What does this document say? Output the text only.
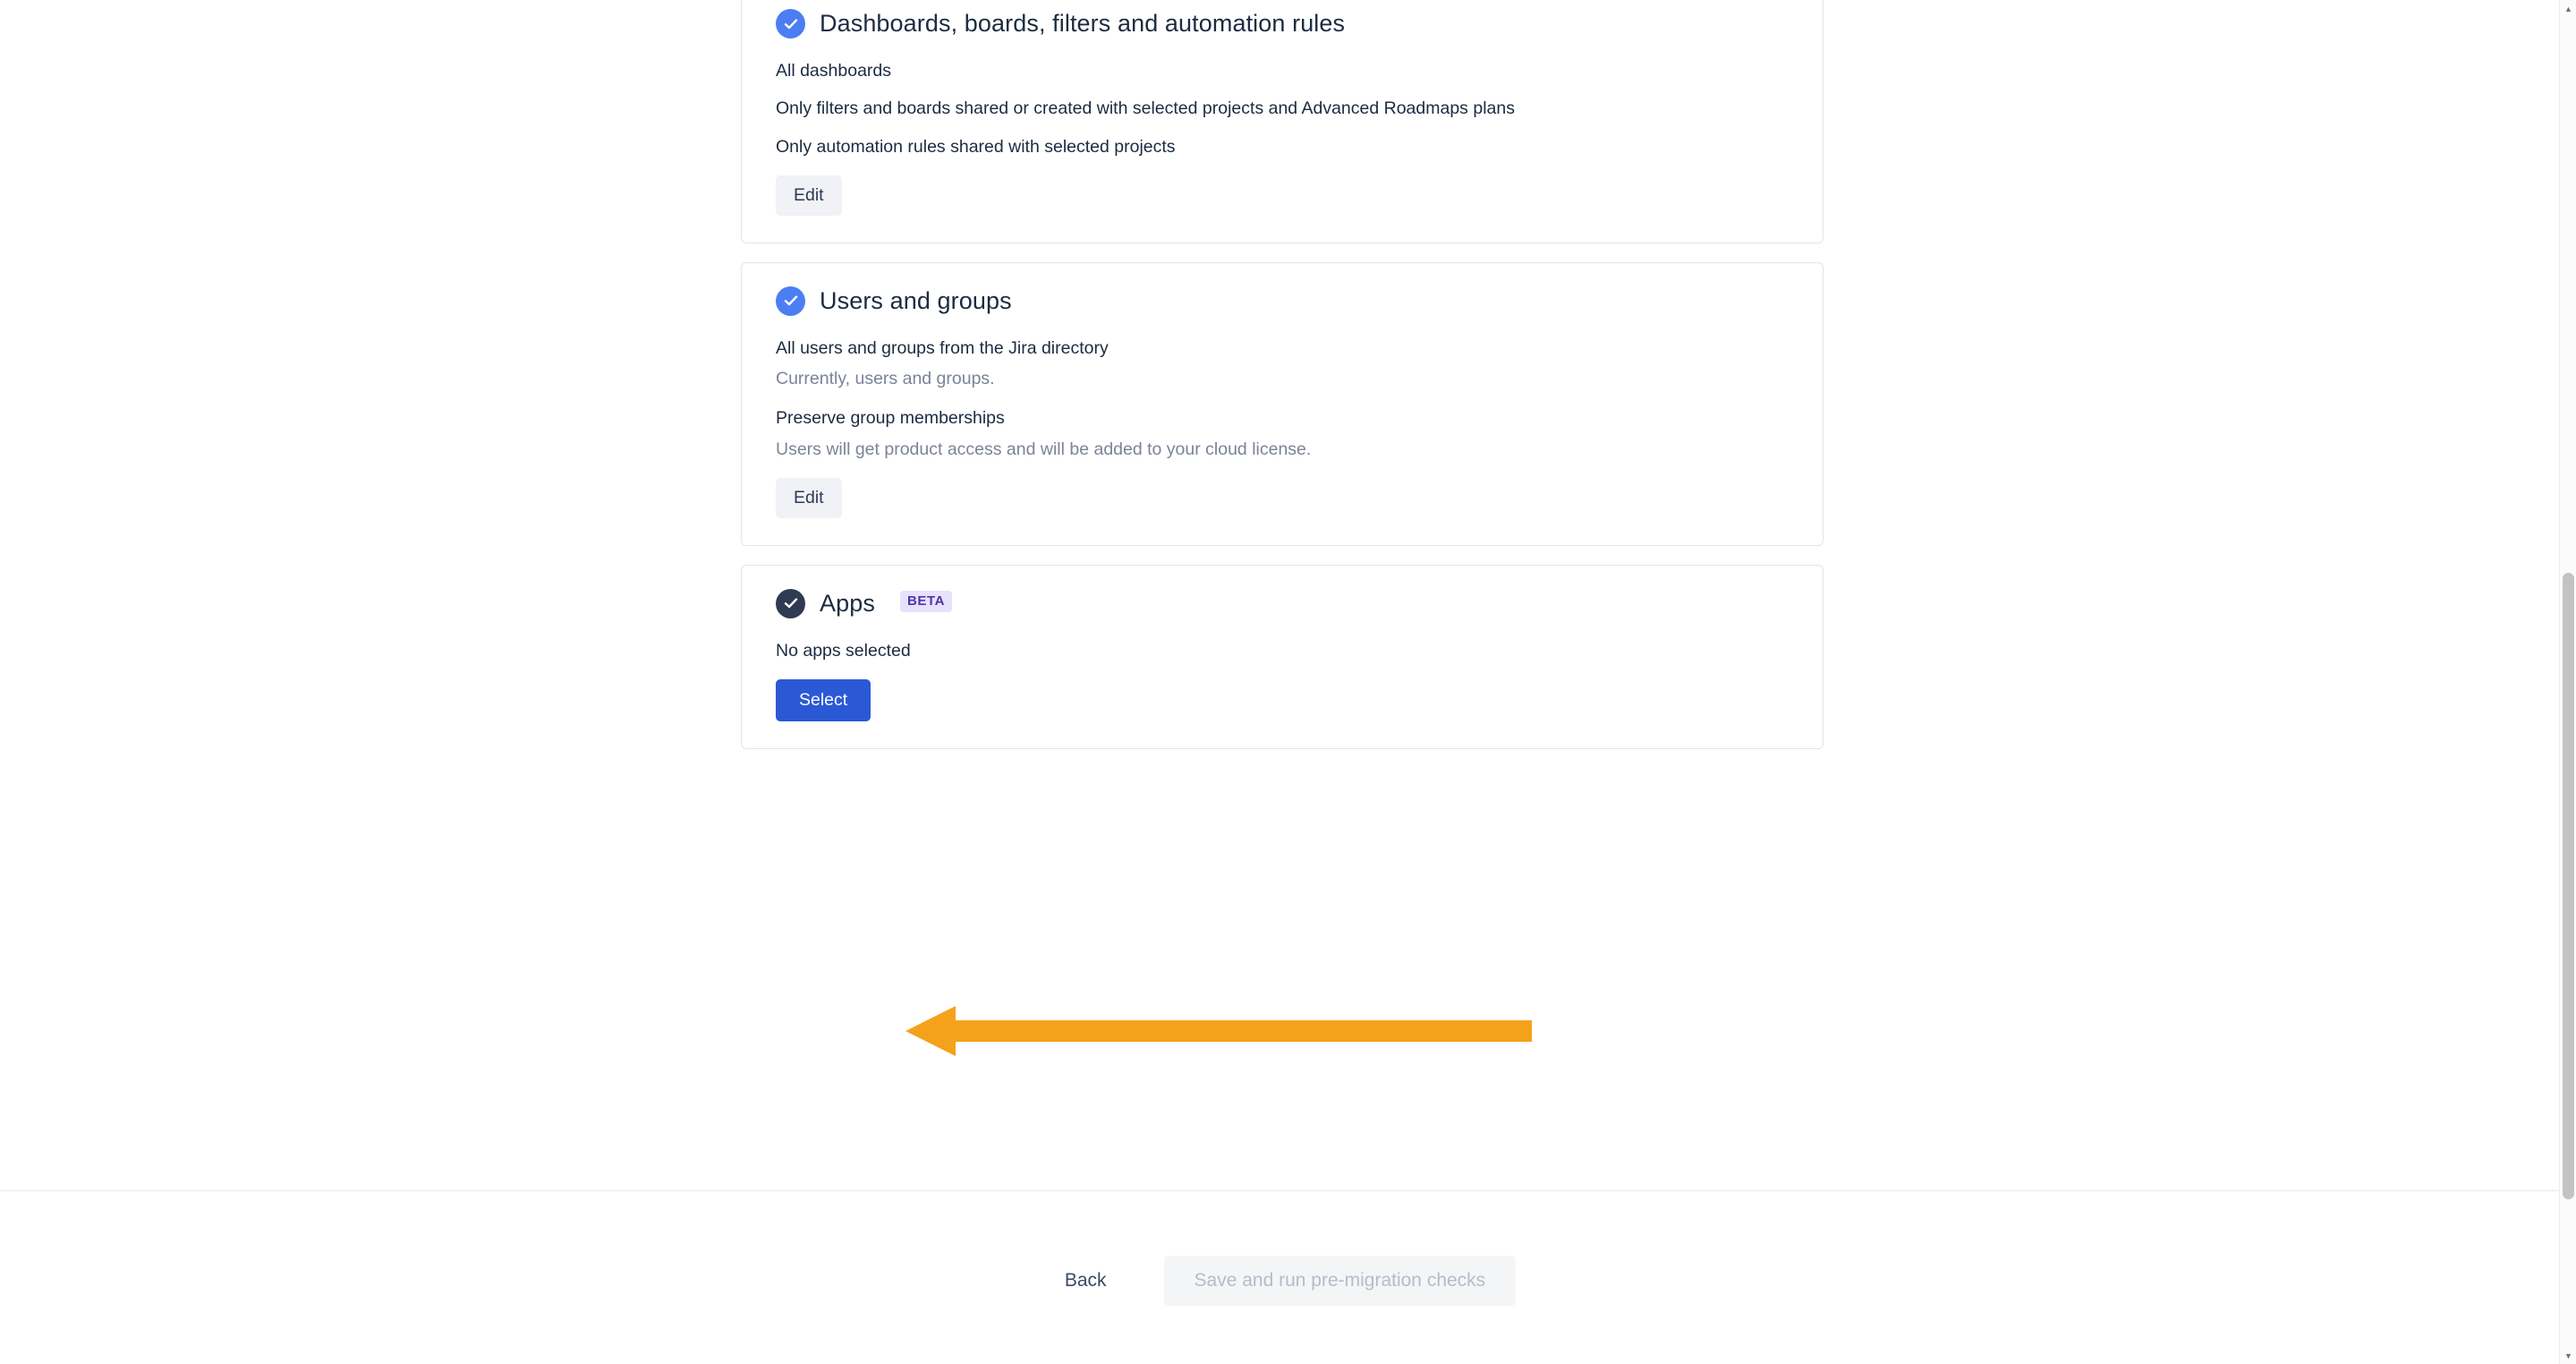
Dashboards, boards, filters and automation rules

All dashboards

Only filters and boards shared or created with selected projects and Advanced Roadmaps plans

Only automation rules shared with selected projects

Edit
Users and groups

All users and groups from the Jira directory

Currently, users and groups.

Preserve group memberships

Users will get product access and will be added to your cloud license.

Edit
Apps	BETA

No apps selected

Select
Back	Save and run pre-migration checks
▲
▼
